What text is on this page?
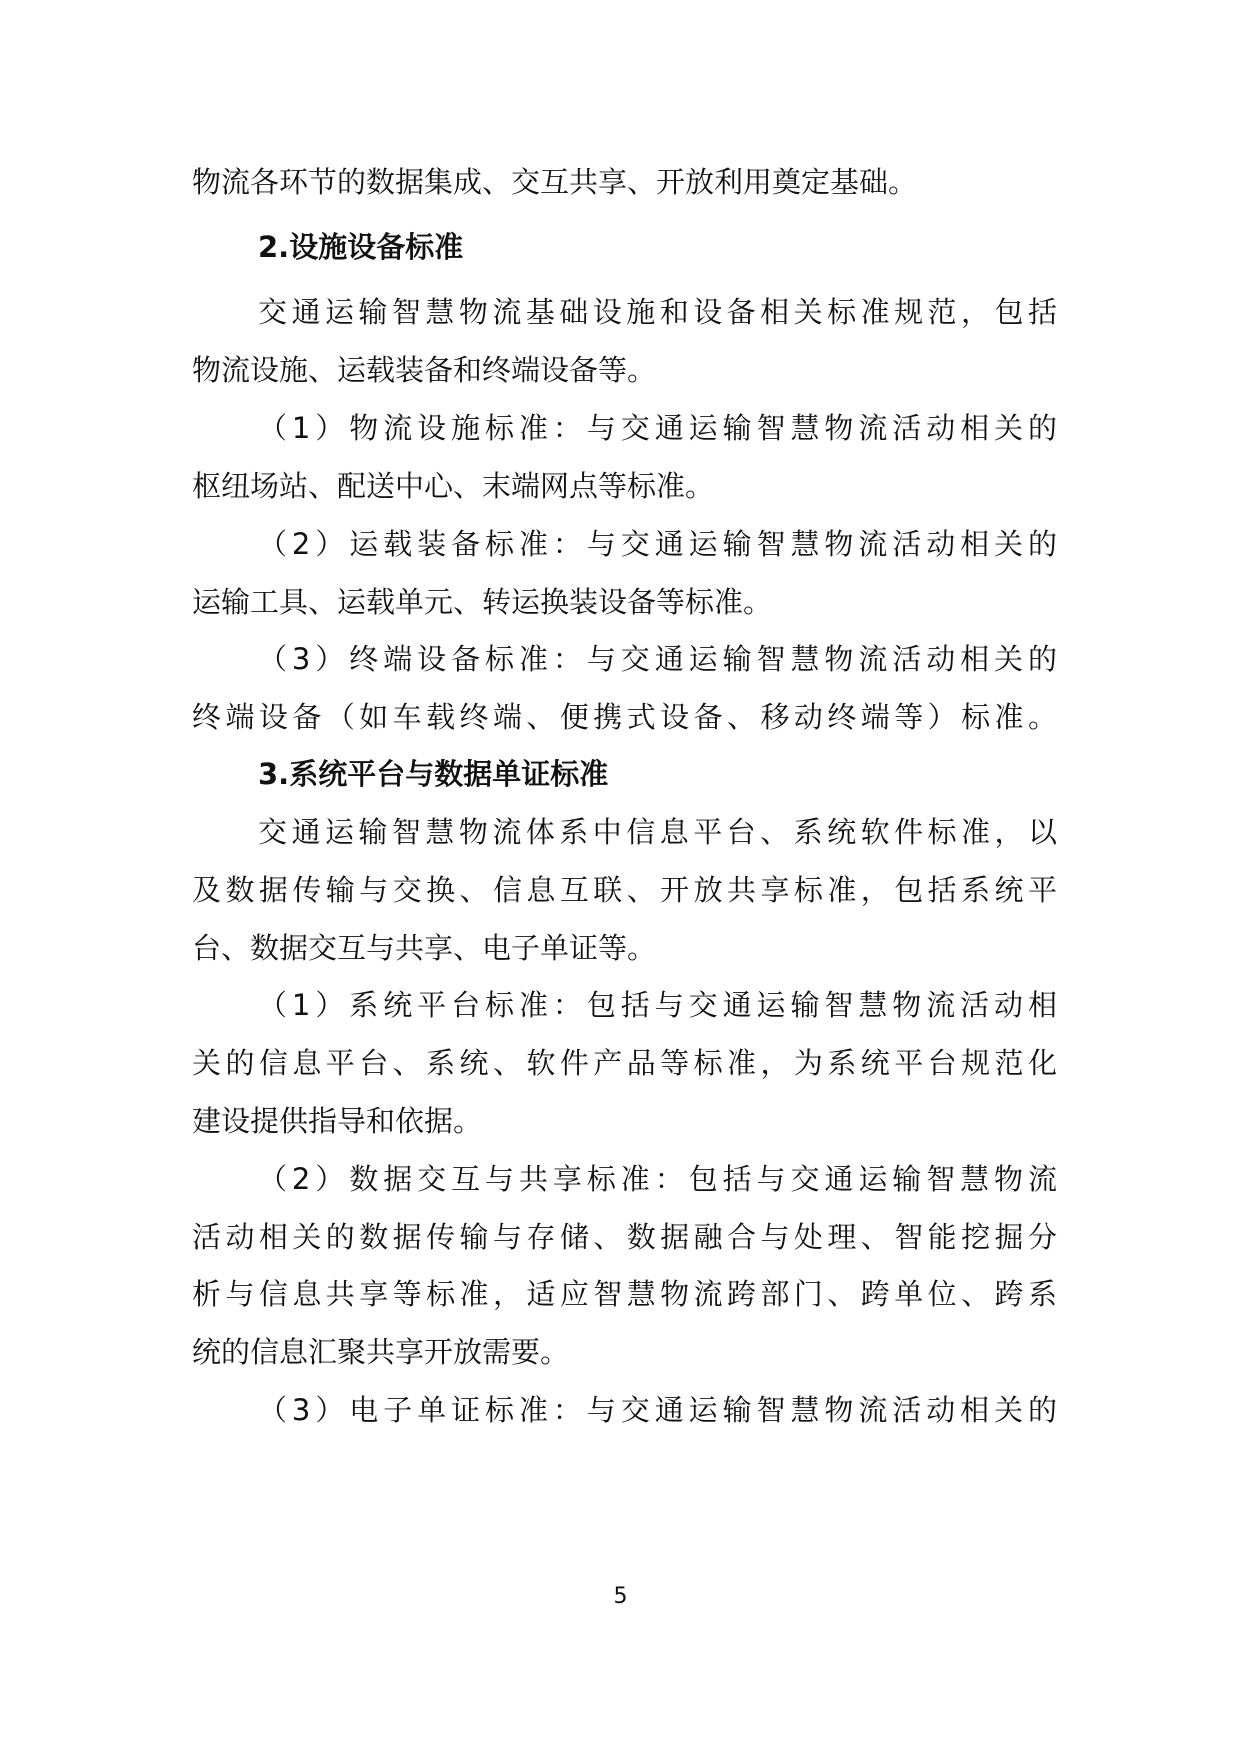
物流各环节的数据集成、交互共享、开放利用奠定基础。
2.设施设备标准
交通运输智慧物流基础设施和设备相关标准规范，包括
物流设施、运载装备和终端设备等。
（1）物流设施标准：与交通运输智慧物流活动相关的
枢纽场站、配送中心、末端网点等标准。
（2）运载装备标准：与交通运输智慧物流活动相关的
运输工具、运载单元、转运换装设备等标准。
（3）终端设备标准：与交通运输智慧物流活动相关的
终端设备（如车载终端、便携式设备、移动终端等）标准。
3.系统平台与数据单证标准
交通运输智慧物流体系中信息平台、系统软件标准，以
及数据传输与交换、信息互联、开放共享标准，包括系统平
台、数据交互与共享、电子单证等。
（1）系统平台标准：包括与交通运输智慧物流活动相
关的信息平台、系统、软件产品等标准，为系统平台规范化
建设提供指导和依据。
（2）数据交互与共享标准：包括与交通运输智慧物流
活动相关的数据传输与存储、数据融合与处理、智能挖掘分
析与信息共享等标准，适应智慧物流跨部门、跨单位、跨系
统的信息汇聚共享开放需要。
（3）电子单证标准：与交通运输智慧物流活动相关的
5
